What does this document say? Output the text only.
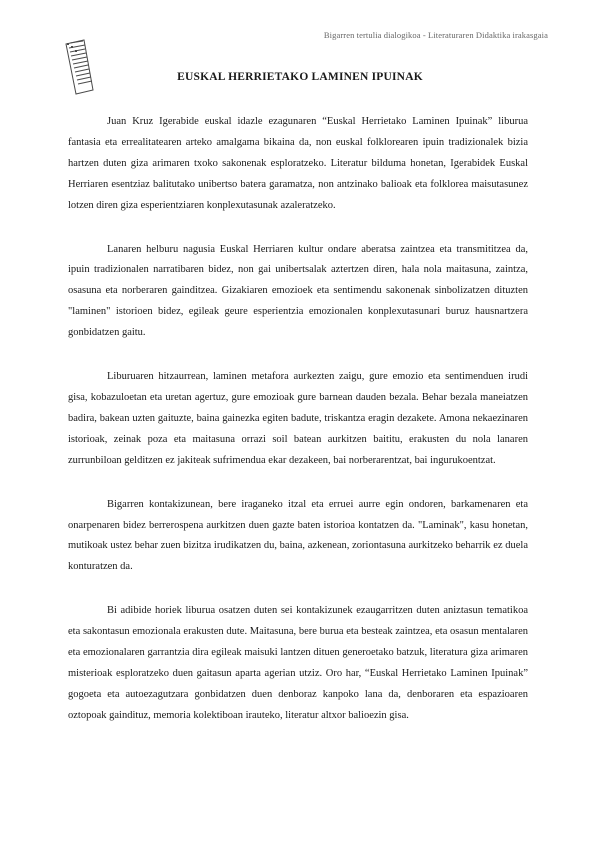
Bigarren tertulia dialogikoa - Literaturaren Didaktika irakasgaia
EUSKAL HERRIETAKO LAMINEN IPUINAK

Juan Kruz Igerabide euskal idazle ezagunaren “Euskal Herrietako Laminen Ipuinak” liburua fantasia eta errealitatearen arteko amalgama bikaina da, non euskal folklorearen ipuin tradizionalek bizia hartzen duten giza arimaren txoko sakonenak esploratzeko. Literatur bilduma honetan, Igerabidek Euskal Herriaren esentziaz balitutako unibertso batera garamatza, non antzinako balioak eta folklorea maisutasunez lotzen diren giza esperientziaren konplexutasunak azaleratzeko.

Lanaren helburu nagusia Euskal Herriaren kultur ondare aberatsa zaintzea eta transmititzea da, ipuin tradizionalen narratibaren bidez, non gai unibertsalak aztertzen diren, hala nola maitasuna, zaintza, osasuna eta norberaren gainditzea. Gizakiaren emozioek eta sentimendu sakonenak sinbolizatzen dituzten "laminen" istorioen bidez, egileak geure esperientzia emozionalen konplexutasunari buruz hausnartzera gonbidatzen gaitu.

Liburuaren hitzaurrean, laminen metafora aurkezten zaigu, gure emozio eta sentimenduen irudi gisa, kobazuloetan eta uretan agertuz, gure emozioak gure barnean dauden bezala. Behar bezala maneiatzen badira, bakean uzten gaituzte, baina gainezka egiten badute, triskantza eragin dezakete. Amona nekaezinaren istorioak, zeinak poza eta maitasuna orrazi soil batean aurkitzen baititu, erakusten du nola lanaren zurrunbiloan gelditzen ez jakiteak sufrimendua ekar dezakeen, bai norberarentzat, bai ingurukoentzat.

Bigarren kontakizunean, bere iraganeko itzal eta erruei aurre egin ondoren, barkamenaren eta onarpenaren bidez berrerospena aurkitzen duen gazte baten istorioa kontatzen da. "Laminak", kasu honetan, mutikoak ustez behar zuen bizitza irudikatzen du, baina, azkenean, zoriontasuna aurkitzeko beharrik ez duela konturatzen da.

Bi adibide horiek liburua osatzen duten sei kontakizunek ezaugarritzen duten aniztasun tematikoa eta sakontasun emozionala erakusten dute. Maitasuna, bere burua eta besteak zaintzea, eta osasun mentalaren eta emozionalaren garrantzia dira egileak maisuki lantzen dituen generoetako batzuk, literatura giza arimaren misterioak esploratzeko duen gaitasun aparta agerian utziz. Oro har, “Euskal Herrietako Laminen Ipuinak” gogoeta eta autoezagutzara gonbidatzen duen denboraz kanpoko lana da, denboraren eta espazioaren oztopoak gaindituz, memoria kolektiboan irauteko, literatur altxor balioezin gisa.
